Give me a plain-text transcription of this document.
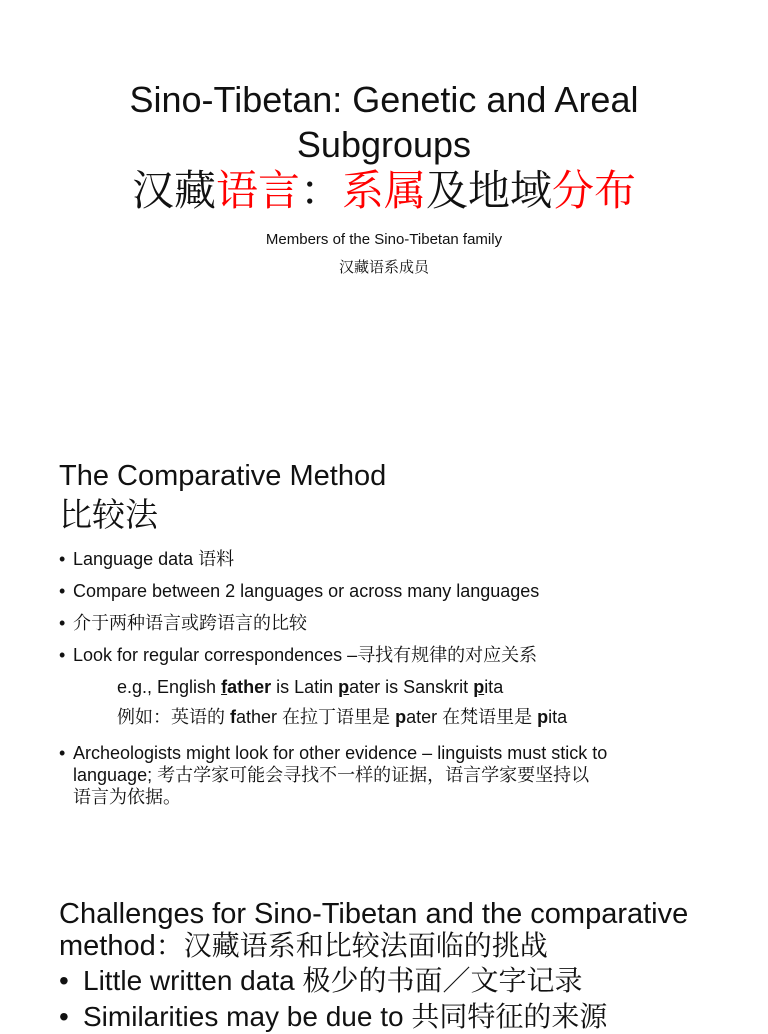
Sino-Tibetan: Genetic and Areal
Subgroups
汉藏语言：系属及地域分布
Members of the Sino-Tibetan family
汉藏语系成员
The Comparative Method
比较法
• Language data 语料
• Compare between 2 languages or across many languages
• 介于两种语言或跨语言的比较
• Look for regular correspondences –寻找有规律的对应关系
e.g., English father is Latin pater is Sanskrit pita
例如：英语的 father 在拉丁语里是 pater 在梵语里是 pita
• Archeologists might look for other evidence – linguists must stick to
language; 考古学家可能会寻找不一样的证据，语言学家要坚持以
语言为依据。
Challenges for Sino-Tibetan and the comparative
method：汉藏语系和比较法面临的挑战
• Little written data 极少的书面／文字记录
• Similarities may be due to 共同特征的来源
